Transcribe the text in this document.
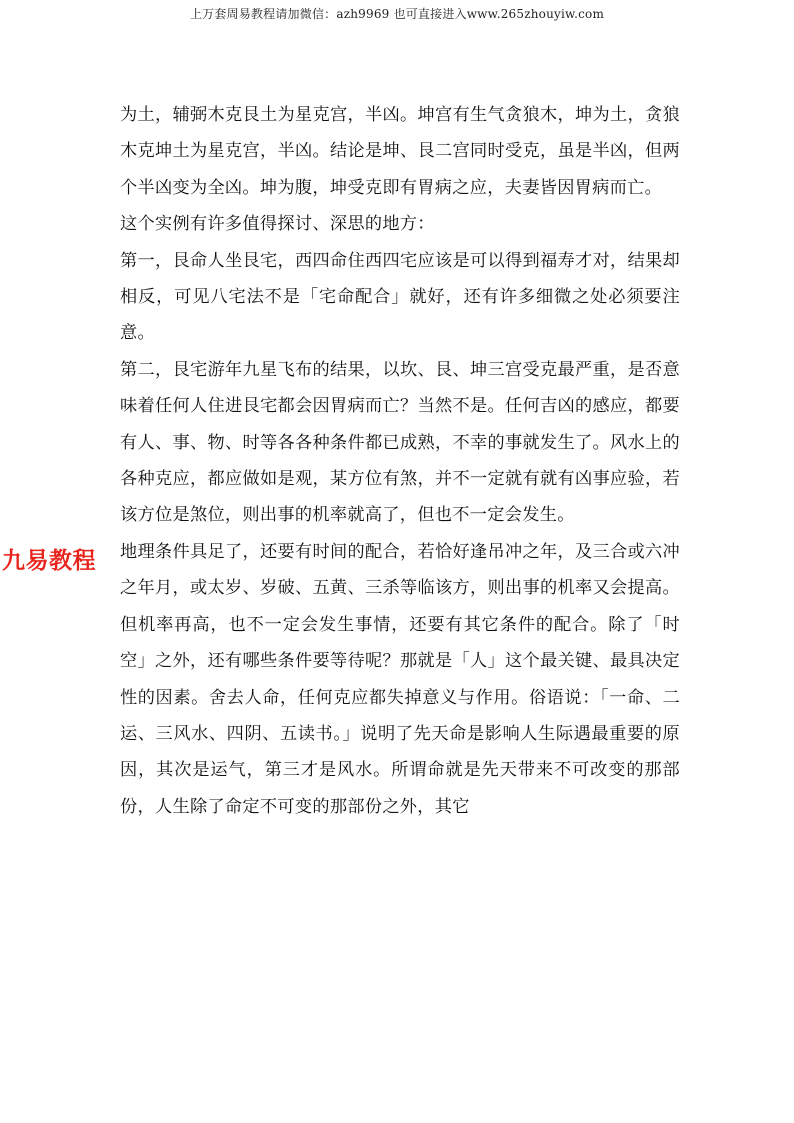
上万套周易教程请加微信：azh9969 也可直接进入www.265zhouyiw.com
九易教程

为土，辅弼木克艮土为星克宫，半凶。坤宫有生气贪狼木，坤为土，贪狼木克坤土为星克宫，半凶。结论是坤、艮二宫同时受克，虽是半凶，但两个半凶变为全凶。坤为腹，坤受克即有胃病之应，夫妻皆因胃病而亡。

这个实例有许多值得探讨、深思的地方：

第一，艮命人坐艮宅，西四命住西四宅应该是可以得到福寿才对，结果却相反，可见八宅法不是「宅命配合」就好，还有许多细微之处必须要注意。

第二，艮宅游年九星飞布的结果，以坎、艮、坤三宫受克最严重，是否意味着任何人住进艮宅都会因胃病而亡？当然不是。任何吉凶的感应，都要有人、事、物、时等各各种条件都已成熟，不幸的事就发生了。风水上的各种克应，都应做如是观，某方位有煞，并不一定就有就有凶事应验，若该方位是煞位，则出事的机率就高了，但也不一定会发生。

地理条件具足了，还要有时间的配合，若恰好逢吊冲之年，及三合或六冲之年月，或太岁、岁破、五黄、三杀等临该方，则出事的机率又会提高。但机率再高，也不一定会发生事情，还要有其它条件的配合。除了「时空」之外，还有哪些条件要等待呢？那就是「人」这个最关键、最具决定性的因素。舍去人命，任何克应都失掉意义与作用。俗语说：「一命、二运、三风水、四阴、五读书。」说明了先天命是影响人生际遇最重要的原因，其次是运气，第三才是风水。所谓命就是先天带来不可改变的那部份，人生除了命定不可变的那部份之外，其它
